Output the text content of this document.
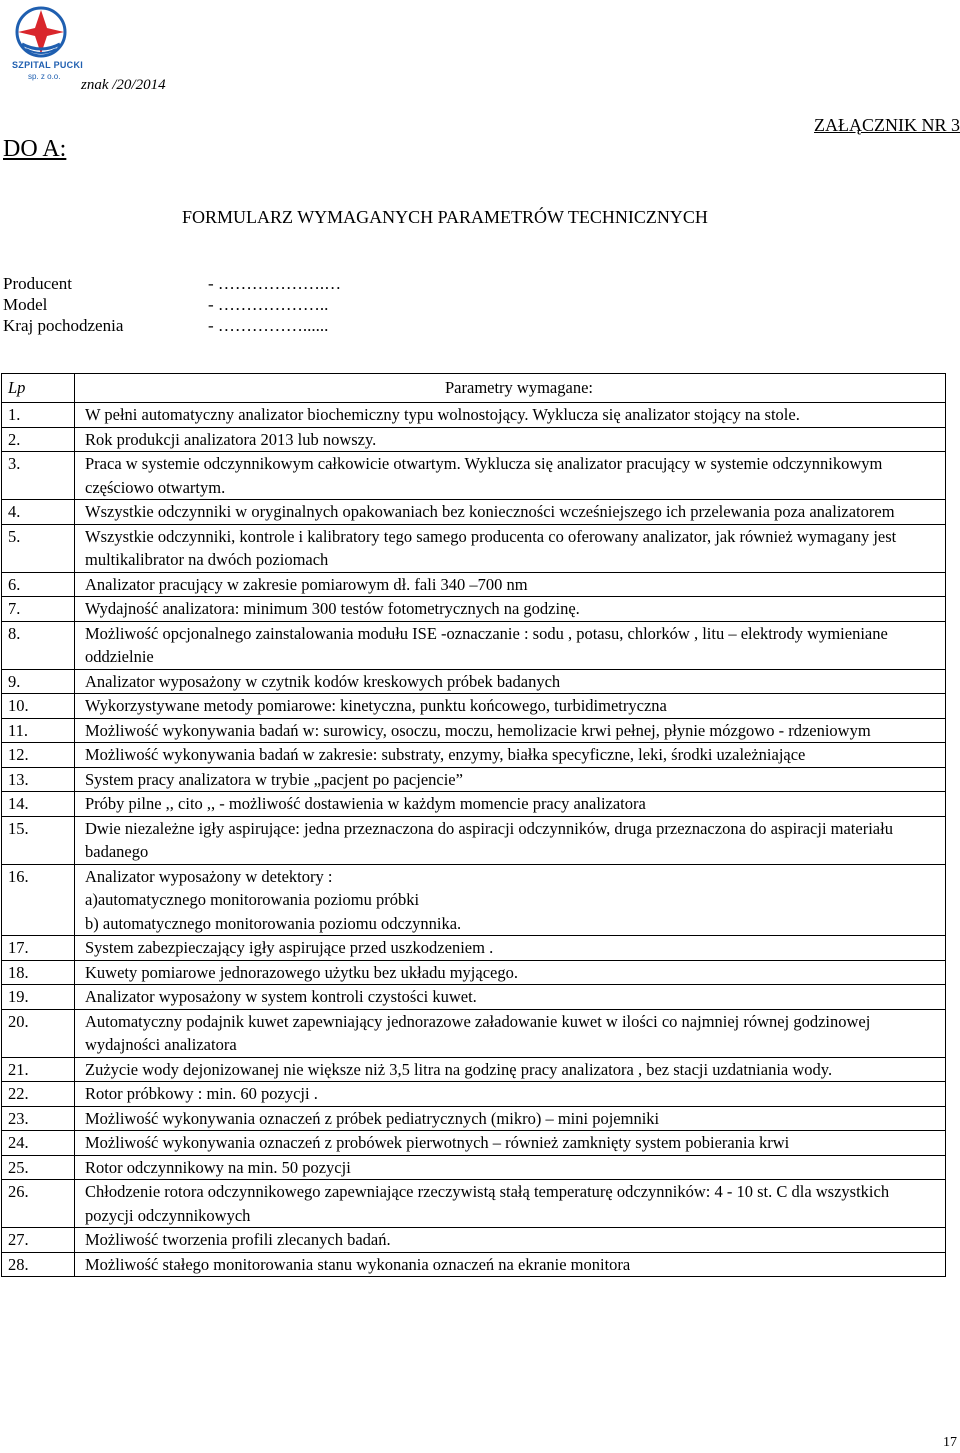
SZPITAL PUCKI
sp. z o.o.
znak /20/2014
DO A:
ZAŁĄCZNIK NR 3
FORMULARZ WYMAGANYCH PARAMETRÓW TECHNICZNYCH
Producent	- ……………….…
Model	- ………………..
Kraj pochodzenia	- ……………......
Lp	Parametry wymagane:
1.	W pełni automatyczny analizator biochemiczny typu wolnostojący. Wyklucza się analizator stojący na stole.
2.	Rok produkcji analizatora 2013 lub nowszy.
3.	Praca w systemie odczynnikowym całkowicie otwartym. Wyklucza się analizator pracujący w systemie odczynnikowym częściowo otwartym.
4.	Wszystkie odczynniki w oryginalnych opakowaniach bez konieczności wcześniejszego ich przelewania poza analizatorem
5.	Wszystkie odczynniki, kontrole i kalibratory tego samego producenta co oferowany analizator, jak również wymagany jest multikalibrator na dwóch poziomach
6.	Analizator pracujący w zakresie pomiarowym dł. fali 340 –700 nm
7.	Wydajność analizatora: minimum 300 testów fotometrycznych na godzinę.
8.	Możliwość opcjonalnego zainstalowania modułu ISE -oznaczanie : sodu , potasu, chlorków , litu – elektrody wymieniane oddzielnie
9.	Analizator wyposażony w czytnik kodów kreskowych próbek badanych
10.	Wykorzystywane metody pomiarowe: kinetyczna, punktu końcowego, turbidimetryczna
11.	Możliwość wykonywania badań w: surowicy, osoczu, moczu, hemolizacie krwi pełnej, płynie mózgowo - rdzeniowym
12.	Możliwość wykonywania badań w zakresie: substraty, enzymy, białka specyficzne, leki, środki uzależniające
13.	System pracy analizatora w trybie „pacjent po pacjencie”
14.	Próby pilne ,, cito ,, - możliwość dostawienia w każdym momencie pracy analizatora
15.	Dwie niezależne igły aspirujące: jedna przeznaczona do aspiracji odczynników, druga przeznaczona do aspiracji materiału badanego
16.	Analizator wyposażony w detektory :
a)automatycznego monitorowania poziomu próbki
b) automatycznego monitorowania poziomu odczynnika.
17.	System zabezpieczający igły aspirujące przed uszkodzeniem .
18.	Kuwety pomiarowe jednorazowego użytku bez układu myjącego.
19.	Analizator wyposażony w system kontroli czystości kuwet.
20.	Automatyczny podajnik kuwet zapewniający jednorazowe załadowanie kuwet w ilości co najmniej równej godzinowej wydajności analizatora
21.	Zużycie wody dejonizowanej nie większe niż 3,5 litra na godzinę pracy analizatora , bez stacji uzdatniania wody.
22.	Rotor próbkowy : min. 60 pozycji .
23.	Możliwość wykonywania oznaczeń z próbek pediatrycznych (mikro) – mini pojemniki
24.	Możliwość wykonywania oznaczeń z probówek pierwotnych – również zamknięty system pobierania krwi
25.	Rotor odczynnikowy na min. 50 pozycji
26.	Chłodzenie rotora odczynnikowego zapewniające rzeczywistą stałą temperaturę odczynników: 4 - 10 st. C dla wszystkich pozycji odczynnikowych
27.	Możliwość tworzenia profili zlecanych badań.
28.	Możliwość stałego monitorowania stanu wykonania oznaczeń na ekranie monitora
17
